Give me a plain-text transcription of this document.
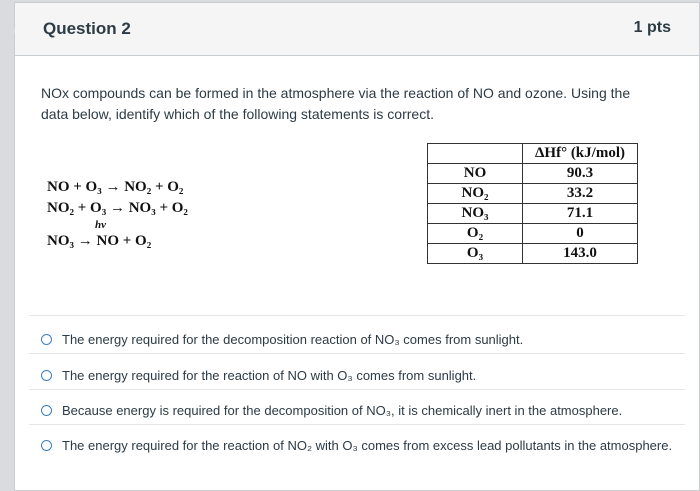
Question 2	1 pts
NOx compounds can be formed in the atmosphere via the reaction of NO and ozone. Using the
data below, identify which of the following statements is correct.
NO + O₃ → NO₂ + O₂
NO₂ + O₃ → NO₃ + O₂
hν
NO₃ → NO + O₂
	ΔHf° (kJ/mol)
NO	90.3
NO₂	33.2
NO₃	71.1
O₂	0
O₃	143.0
The energy required for the decomposition reaction of NO₃ comes from sunlight.
The energy required for the reaction of NO with O₃ comes from sunlight.
Because energy is required for the decomposition of NO₃, it is chemically inert in the atmosphere.
The energy required for the reaction of NO₂ with O₃ comes from excess lead pollutants in the atmosphere.
